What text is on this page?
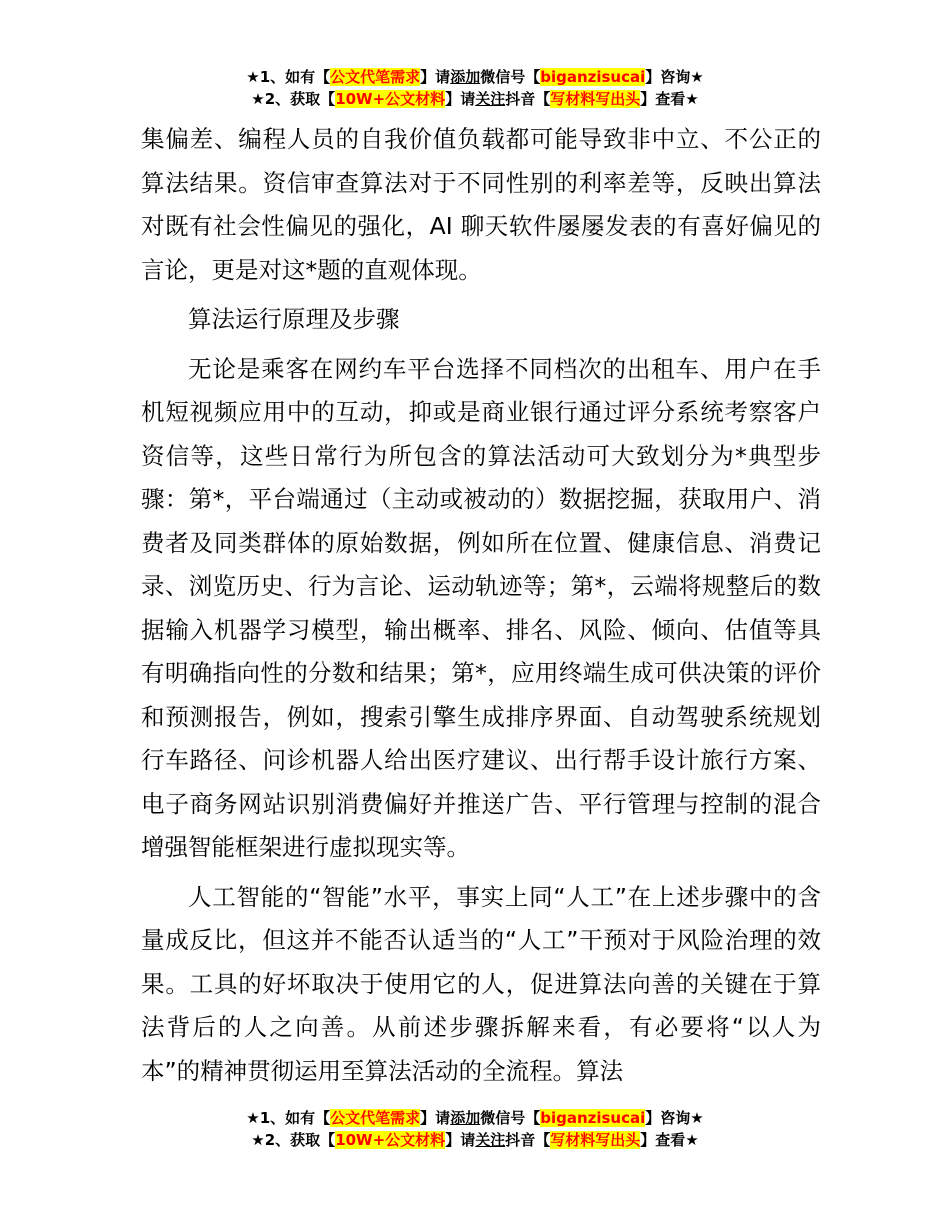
★1、如有【公文代笔需求】请添加微信号【biganzisucai】咨询★
★2、获取【10W+公文材料】请关注抖音【写材料写出头】查看★

集偏差、编程人员的自我价值负载都可能导致非中立、不公正的算法结果。资信审查算法对于不同性别的利率差等，反映出算法对既有社会性偏见的强化，AI 聊天软件屡屡发表的有喜好偏见的言论，更是对这*题的直观体现。

算法运行原理及步骤

无论是乘客在网约车平台选择不同档次的出租车、用户在手机短视频应用中的互动，抑或是商业银行通过评分系统考察客户资信等，这些日常行为所包含的算法活动可大致划分为*典型步骤：第*，平台端通过（主动或被动的）数据挖掘，获取用户、消费者及同类群体的原始数据，例如所在位置、健康信息、消费记录、浏览历史、行为言论、运动轨迹等；第*，云端将规整后的数据输入机器学习模型，输出概率、排名、风险、倾向、估值等具有明确指向性的分数和结果；第*，应用终端生成可供决策的评价和预测报告，例如，搜索引擎生成排序界面、自动驾驶系统规划行车路径、问诊机器人给出医疗建议、出行帮手设计旅行方案、电子商务网站识别消费偏好并推送广告、平行管理与控制的混合增强智能框架进行虚拟现实等。

人工智能的“智能”水平，事实上同“人工”在上述步骤中的含量成反比，但这并不能否认适当的“人工”干预对于风险治理的效果。工具的好坏取决于使用它的人，促进算法向善的关键在于算法背后的人之向善。从前述步骤拆解来看，有必要将“以人为本”的精神贯彻运用至算法活动的全流程。算法

★1、如有【公文代笔需求】请添加微信号【biganzisucai】咨询★
★2、获取【10W+公文材料】请关注抖音【写材料写出头】查看★
